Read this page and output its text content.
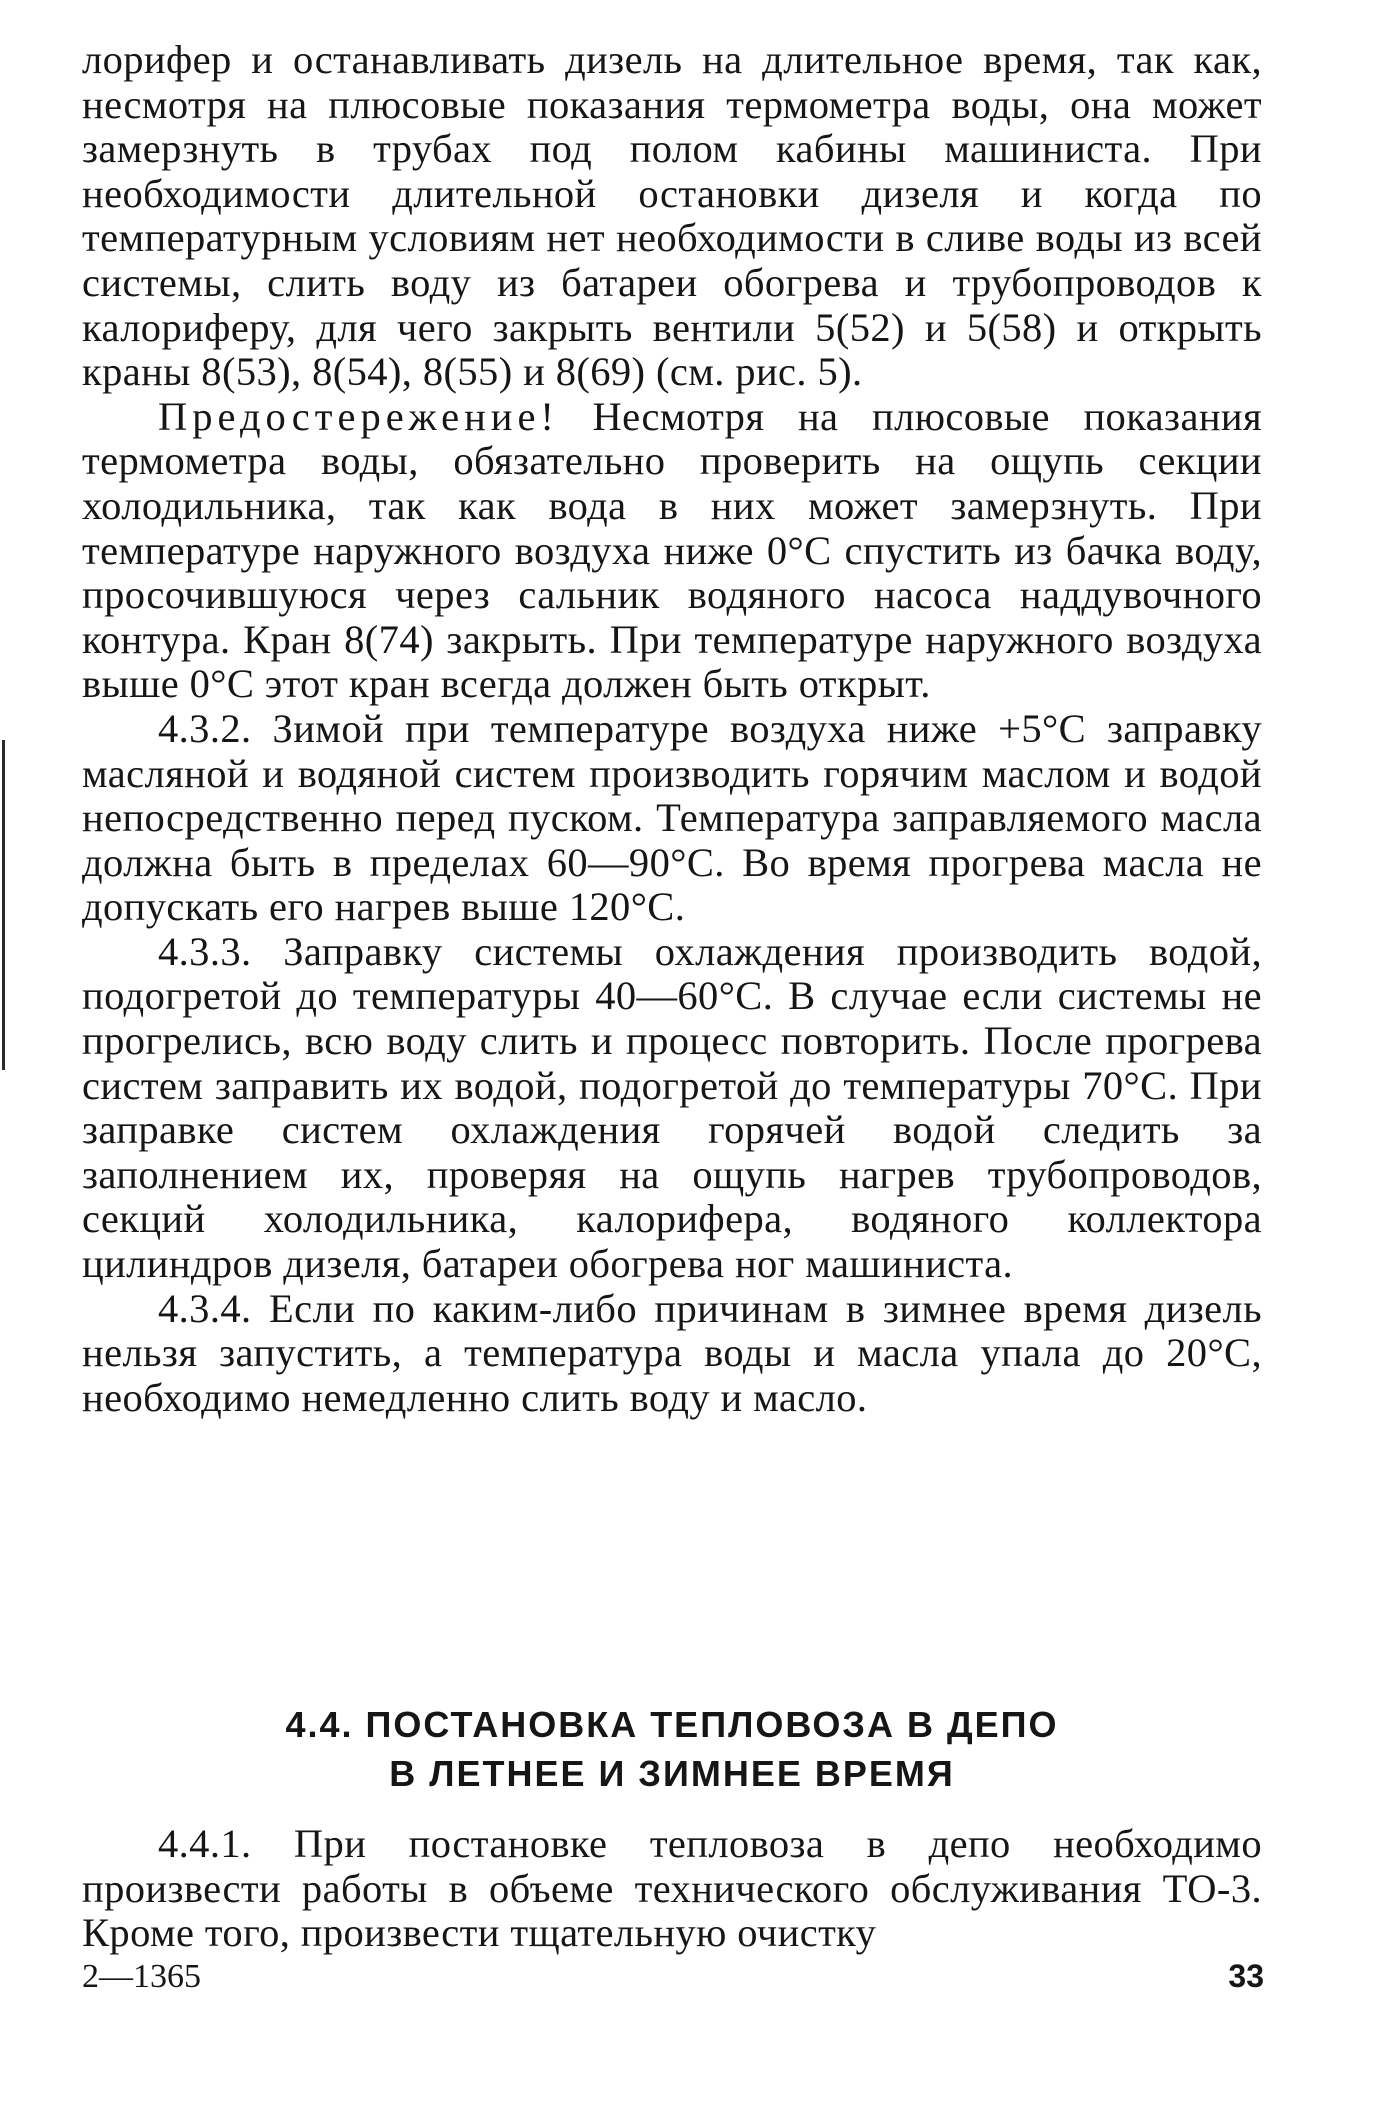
лорифер и останавливать дизель на длительное время, так как, несмотря на плюсовые показания термометра воды, она может замерзнуть в трубах под полом кабины машиниста. При необходимости длительной остановки дизеля и когда по температурным условиям нет необходимости в сливе воды из всей системы, слить воду из батареи обогрева и трубопроводов к калориферу, для чего закрыть вентили 5(52) и 5(58) и открыть краны 8(53), 8(54), 8(55) и 8(69) (см. рис. 5).

Предостережение! Несмотря на плюсовые показания термометра воды, обязательно проверить на ощупь секции холодильника, так как вода в них может замерзнуть. При температуре наружного воздуха ниже 0°С спустить из бачка воду, просочившуюся через сальник водяного насоса наддувочного контура. Кран 8(74) закрыть. При температуре наружного воздуха выше 0°С этот кран всегда должен быть открыт.

4.3.2. Зимой при температуре воздуха ниже +5°С заправку масляной и водяной систем производить горячим маслом и водой непосредственно перед пуском. Температура заправляемого масла должна быть в пределах 60—90°С. Во время прогрева масла не допускать его нагрев выше 120°С.

4.3.3. Заправку системы охлаждения производить водой, подогретой до температуры 40—60°С. В случае если системы не прогрелись, всю воду слить и процесс повторить. После прогрева систем заправить их водой, подогретой до температуры 70°С. При заправке систем охлаждения горячей водой следить за заполнением их, проверяя на ощупь нагрев трубопроводов, секций холодильника, калорифера, водяного коллектора цилиндров дизеля, батареи обогрева ног машиниста.

4.3.4. Если по каким-либо причинам в зимнее время дизель нельзя запустить, а температура воды и масла упала до 20°С, необходимо немедленно слить воду и масло.

4.4. ПОСТАНОВКА ТЕПЛОВОЗА В ДЕПО
В ЛЕТНЕЕ И ЗИМНЕЕ ВРЕМЯ

4.4.1. При постановке тепловоза в депо необходимо произвести работы в объеме технического обслуживания ТО-3. Кроме того, произвести тщательную очистку

2—1365	33
